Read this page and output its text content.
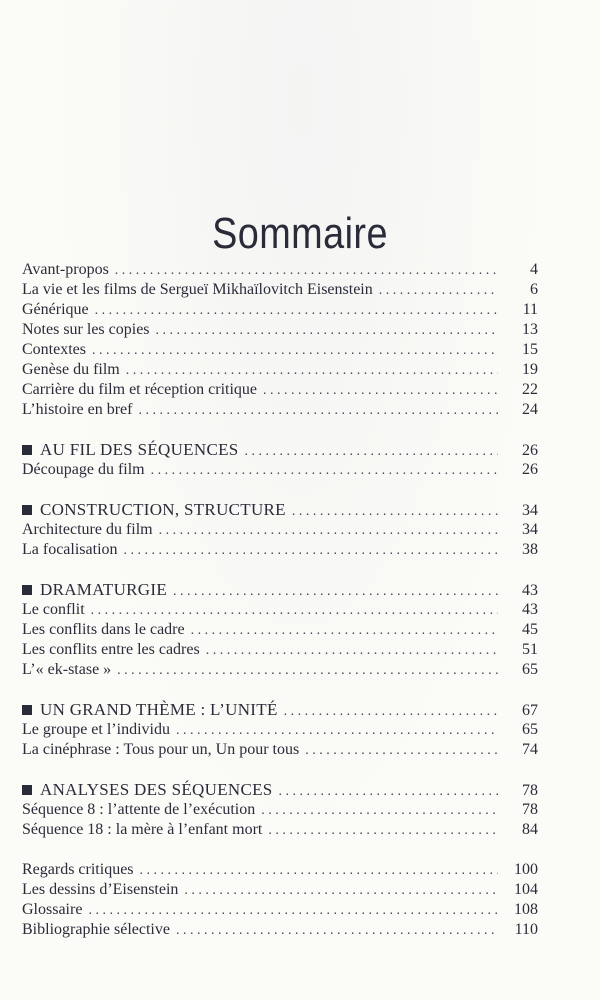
Sommaire
Avant-propos . . .	4
La vie et les films de Sergueï Mikhaïlovitch Eisenstein . . .	6
Générique . . .	11
Notes sur les copies . . .	13
Contextes . . .	15
Genèse du film . . .	19
Carrière du film et réception critique . . .	22
L’histoire en bref . . .	24
AU FIL DES SÉQUENCES . . .	26
Découpage du film . . .	26
CONSTRUCTION, STRUCTURE . . .	34
Architecture du film . . .	34
La focalisation . . .	38
DRAMATURGIE . . .	43
Le conflit . . .	43
Les conflits dans le cadre . . .	45
Les conflits entre les cadres . . .	51
L’« ek-stase » . . .	65
UN GRAND THÈME : L’UNITÉ . . .	67
Le groupe et l’individu . . .	65
La cinéphrase : Tous pour un, Un pour tous . . .	74
ANALYSES DES SÉQUENCES . . .	78
Séquence 8 : l’attente de l’exécution . . .	78
Séquence 18 : la mère à l’enfant mort . . .	84
Regards critiques . . .	100
Les dessins d’Eisenstein . . .	104
Glossaire . . .	108
Bibliographie sélective . . .	110
